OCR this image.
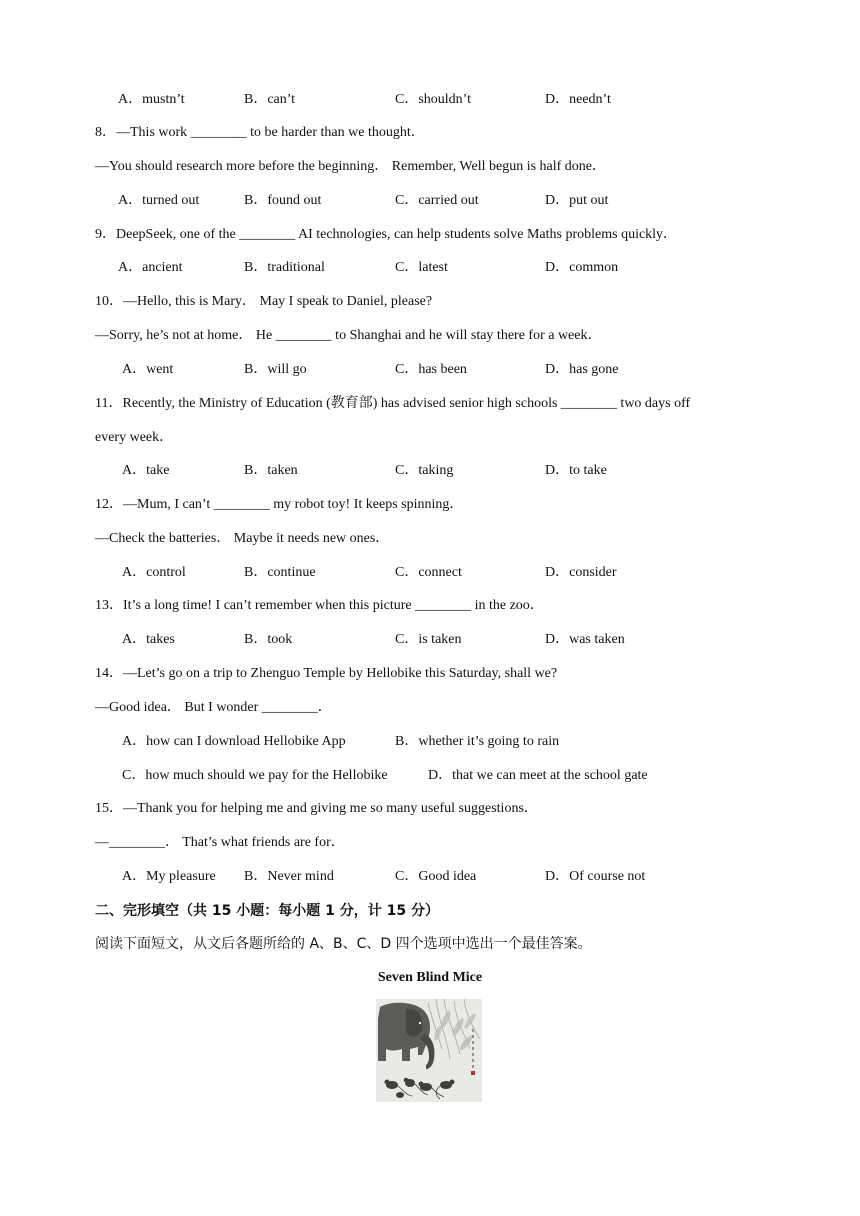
A．mustn’t	B．can’t	C．shouldn’t	D．needn’t
8．—This work ________ to be harder than we thought．
—You should research more before the beginning． Remember, Well begun is half done．
A．turned out	B．found out	C．carried out	D．put out
9．DeepSeek, one of the ________ AI technologies, can help students solve Maths problems quickly．
A．ancient	B．traditional	C．latest	D．common
10．—Hello, this is Mary． May I speak to Daniel, please?
—Sorry, he’s not at home． He ________ to Shanghai and he will stay there for a week．
A．went	B．will go	C．has been	D．has gone
11．Recently, the Ministry of Education (教育部) has advised senior high schools ________ two days off
every week．
A．take	B．taken	C．taking	D．to take
12．—Mum, I can’t ________ my robot toy! It keeps spinning．
—Check the batteries． Maybe it needs new ones．
A．control	B．continue	C．connect	D．consider
13．It’s a long time! I can’t remember when this picture ________ in the zoo．
A．takes	B．took	C．is taken	D．was taken
14．—Let’s go on a trip to Zhenguo Temple by Hellobike this Saturday, shall we?
—Good idea． But I wonder ________．
A．how can I download Hellobike App	B．whether it’s going to rain
C．how much should we pay for the Hellobike	D．that we can meet at the school gate
15．—Thank you for helping me and giving me so many useful suggestions．
—________． That’s what friends are for．
A．My pleasure B．Never mind	C．Good idea	D．Of course not
二、完形填空（共 15 小题：每小题 1 分，计 15 分）
阅读下面短文，从文后各题所给的 A、B、C、D 四个选项中选出一个最佳答案。
Seven Blind Mice
